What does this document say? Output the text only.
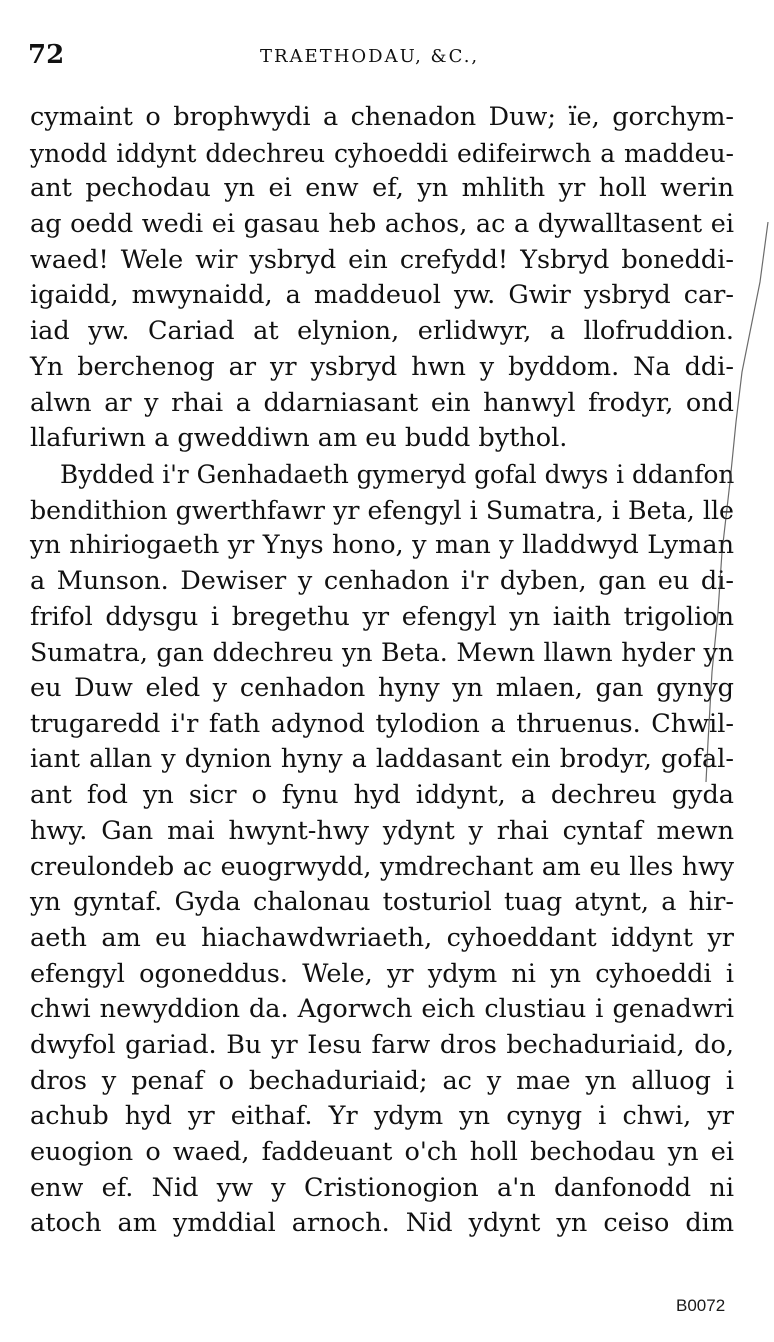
72	TRAETHODAU, &C.,
cymaint o brophwydi a chenadon Duw; ïe, gorchym-
ynodd iddynt ddechreu cyhoeddi edifeirwch a maddeu-
ant pechodau yn ei enw ef, yn mhlith yr holl werin
ag oedd wedi ei gasau heb achos, ac a dywalltasent ei
waed! Wele wir ysbryd ein crefydd! Ysbryd boneddi-
igaidd, mwynaidd, a maddeuol yw. Gwir ysbryd car-
iad yw. Cariad at elynion, erlidwyr, a llofruddion.
Yn berchenog ar yr ysbryd hwn y byddom. Na ddi-
alwn ar y rhai a ddarniasant ein hanwyl frodyr, ond
llafuriwn a gweddiwn am eu budd bythol.
Bydded i'r Genhadaeth gymeryd gofal dwys i ddanfon
bendithion gwerthfawr yr efengyl i Sumatra, i Beta, lle
yn nhiriogaeth yr Ynys hono, y man y lladdwyd Lyman
a Munson. Dewiser y cenhadon i'r dyben, gan eu di-
frifol ddysgu i bregethu yr efengyl yn iaith trigolion
Sumatra, gan ddechreu yn Beta. Mewn llawn hyder yn
eu Duw eled y cenhadon hyny yn mlaen, gan gynyg
trugaredd i'r fath adynod tylodion a thruenus. Chwil-
iant allan y dynion hyny a laddasant ein brodyr, gofal-
ant fod yn sicr o fynu hyd iddynt, a dechreu gyda
hwy. Gan mai hwynt-hwy ydynt y rhai cyntaf mewn
creulondeb ac euogrwydd, ymdrechant am eu lles hwy
yn gyntaf. Gyda chalonau tosturiol tuag atynt, a hir-
aeth am eu hiachawdwriaeth, cyhoeddant iddynt yr
efengyl ogoneddus. Wele, yr ydym ni yn cyhoeddi i
chwi newyddion da. Agorwch eich clustiau i genadwri
dwyfol gariad. Bu yr Iesu farw dros bechaduriaid, do,
dros y penaf o bechaduriaid; ac y mae yn alluog i
achub hyd yr eithaf. Yr ydym yn cynyg i chwi, yr
euogion o waed, faddeuant o'ch holl bechodau yn ei
enw ef. Nid yw y Cristionogion a'n danfonodd ni
atoch am ymddial arnoch. Nid ydynt yn ceiso dim
B0072
